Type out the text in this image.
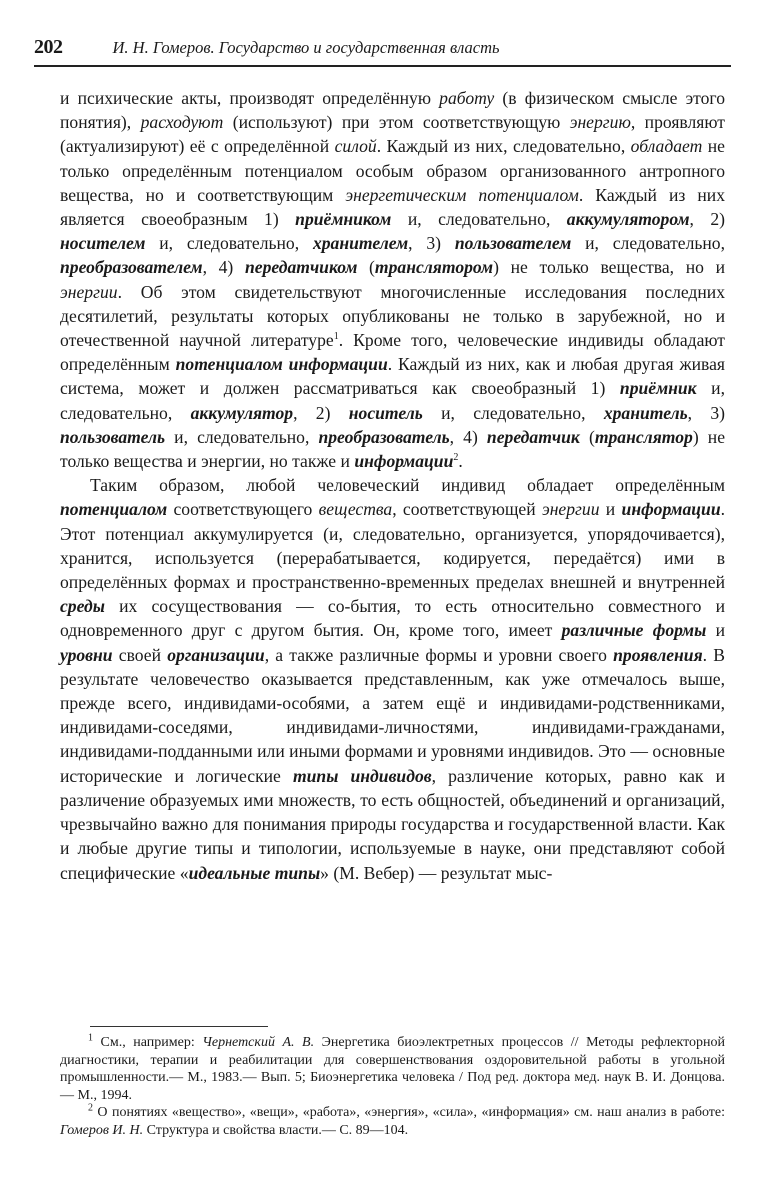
202	И. Н. Гомеров. Государство и государственная власть

и психические акты, производят определённую работу (в физическом смысле этого понятия), расходуют (используют) при этом соответствующую энергию, проявляют (актуализируют) её с определённой силой. Каждый из них, следовательно, обладает не только определённым потенциалом особым образом организованного антропного вещества, но и соответствующим энергетическим потенциалом. Каждый из них является своеобразным 1) приёмником и, следовательно, аккумулятором, 2) носителем и, следовательно, хранителем, 3) пользователем и, следовательно, преобразователем, 4) передатчиком (транслятором) не только вещества, но и энергии. Об этом свидетельствуют многочисленные исследования последних десятилетий, результаты которых опубликованы не только в зарубежной, но и отечественной научной литературе$^1$. Кроме того, человеческие индивиды обладают определённым потенциалом информации. Каждый из них, как и любая другая живая система, может и должен рассматриваться как своеобразный 1) приёмник и, следовательно, аккумулятор, 2) носитель и, следовательно, хранитель, 3) пользователь и, следовательно, преобразователь, 4) передатчик (транслятор) не только вещества и энергии, но также и информации$^2$.

Таким образом, любой человеческий индивид обладает определённым потенциалом соответствующего вещества, соответствующей энергии и информации. Этот потенциал аккумулируется (и, следовательно, организуется, упорядочивается), хранится, используется (перерабатывается, кодируется, передаётся) ими в определённых формах и пространственно-временных пределах внешней и внутренней среды их сосуществования — со-бытия, то есть относительно совместного и одновременного друг с другом бытия. Он, кроме того, имеет различные формы и уровни своей организации, а также различные формы и уровни своего проявления. В результате человечество оказывается представленным, как уже отмечалось выше, прежде всего, индивидами-особями, а затем ещё и индивидами-родственниками, индивидами-соседями, индивидами-личностями, индивидами-гражданами, индивидами-подданными или иными формами и уровнями индивидов. Это — основные исторические и логические типы индивидов, различение которых, равно как и различение образуемых ими множеств, то есть общностей, объединений и организаций, чрезвычайно важно для понимания природы государства и государственной власти. Как и любые другие типы и типологии, используемые в науке, они представляют собой специфические «идеальные типы» (М. Вебер) — результат мыс-

$^1$ См., например: Чернетский А. В. Энергетика биоэлектретных процессов // Методы рефлекторной диагностики, терапии и реабилитации для совершенствования оздоровительной работы в угольной промышленности.— М., 1983.— Вып. 5; Биоэнергетика человека / Под ред. доктора мед. наук В. И. Донцова.— М., 1994.

$^2$ О понятиях «вещество», «вещи», «работа», «энергия», «сила», «информация» см. наш анализ в работе: Гомеров И. Н. Структура и свойства власти.— С. 89—104.
